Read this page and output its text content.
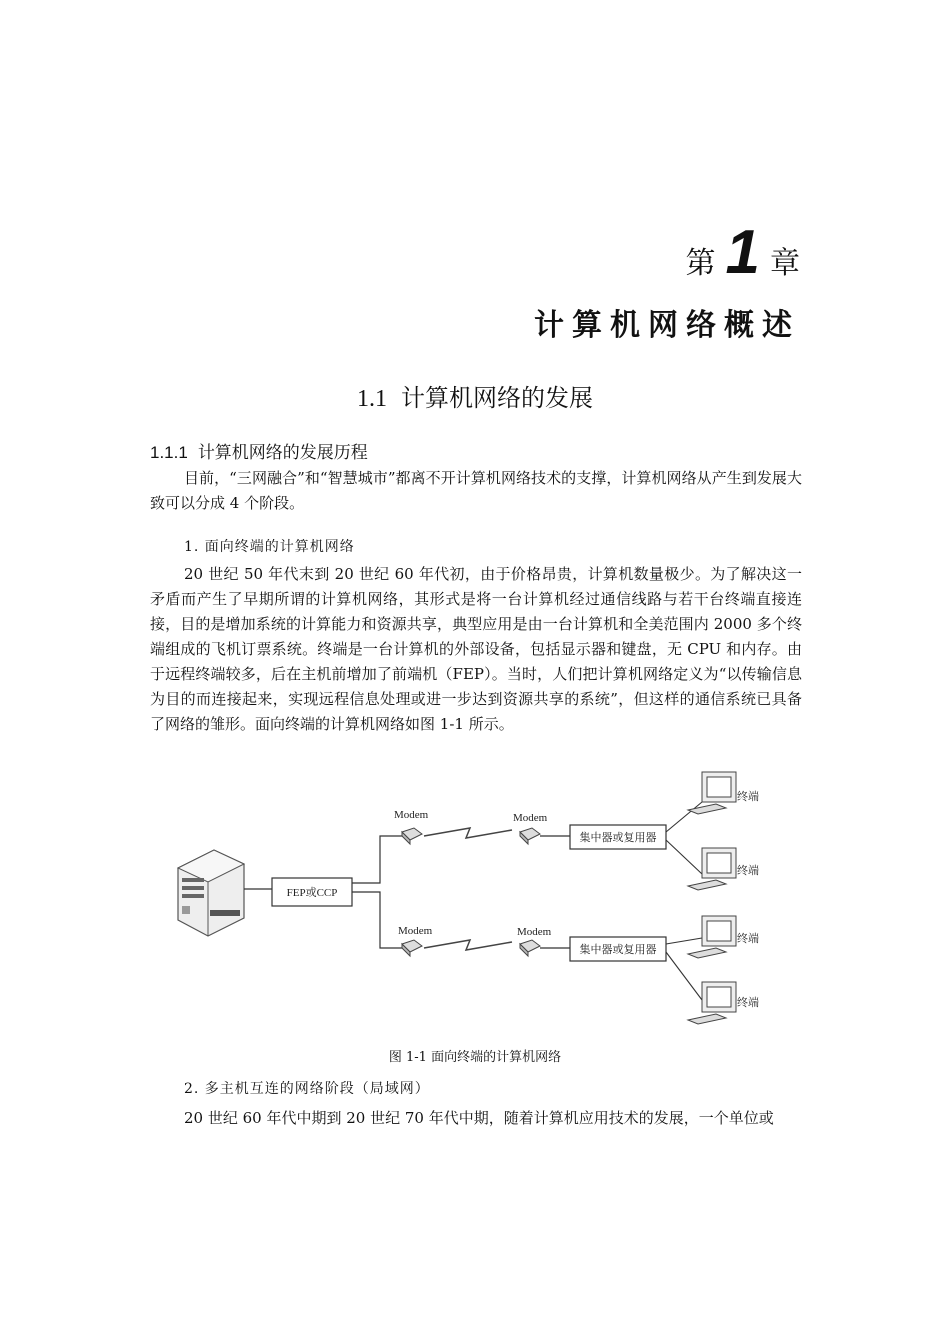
第 1 章
计算机网络概述
1.1 计算机网络的发展
1.1.1 计算机网络的发展历程

目前，“三网融合”和“智慧城市”都离不开计算机网络技术的支撑，计算机网络从产生到发展大致可以分成 4 个阶段。

1. 面向终端的计算机网络

20 世纪 50 年代末到 20 世纪 60 年代初，由于价格昂贵，计算机数量极少。为了解决这一矛盾而产生了早期所谓的计算机网络，其形式是将一台计算机经过通信线路与若干台终端直接连接，目的是增加系统的计算能力和资源共享，典型应用是由一台计算机和全美范围内 2000 多个终端组成的飞机订票系统。终端是一台计算机的外部设备，包括显示器和键盘，无 CPU 和内存。由于远程终端较多，后在主机前增加了前端机（FEP）。当时，人们把计算机网络定义为“以传输信息为目的而连接起来，实现远程信息处理或进一步达到资源共享的系统”，但这样的通信系统已具备了网络的雏形。面向终端的计算机网络如图 1-1 所示。

FEP或CCP
Modem	Modem
集中器或复用器
Modem	Modem
集中器或复用器
终端
终端
终端
终端
图 1-1 面向终端的计算机网络
2. 多主机互连的网络阶段（局域网）

20 世纪 60 年代中期到 20 世纪 70 年代中期，随着计算机应用技术的发展，一个单位或
